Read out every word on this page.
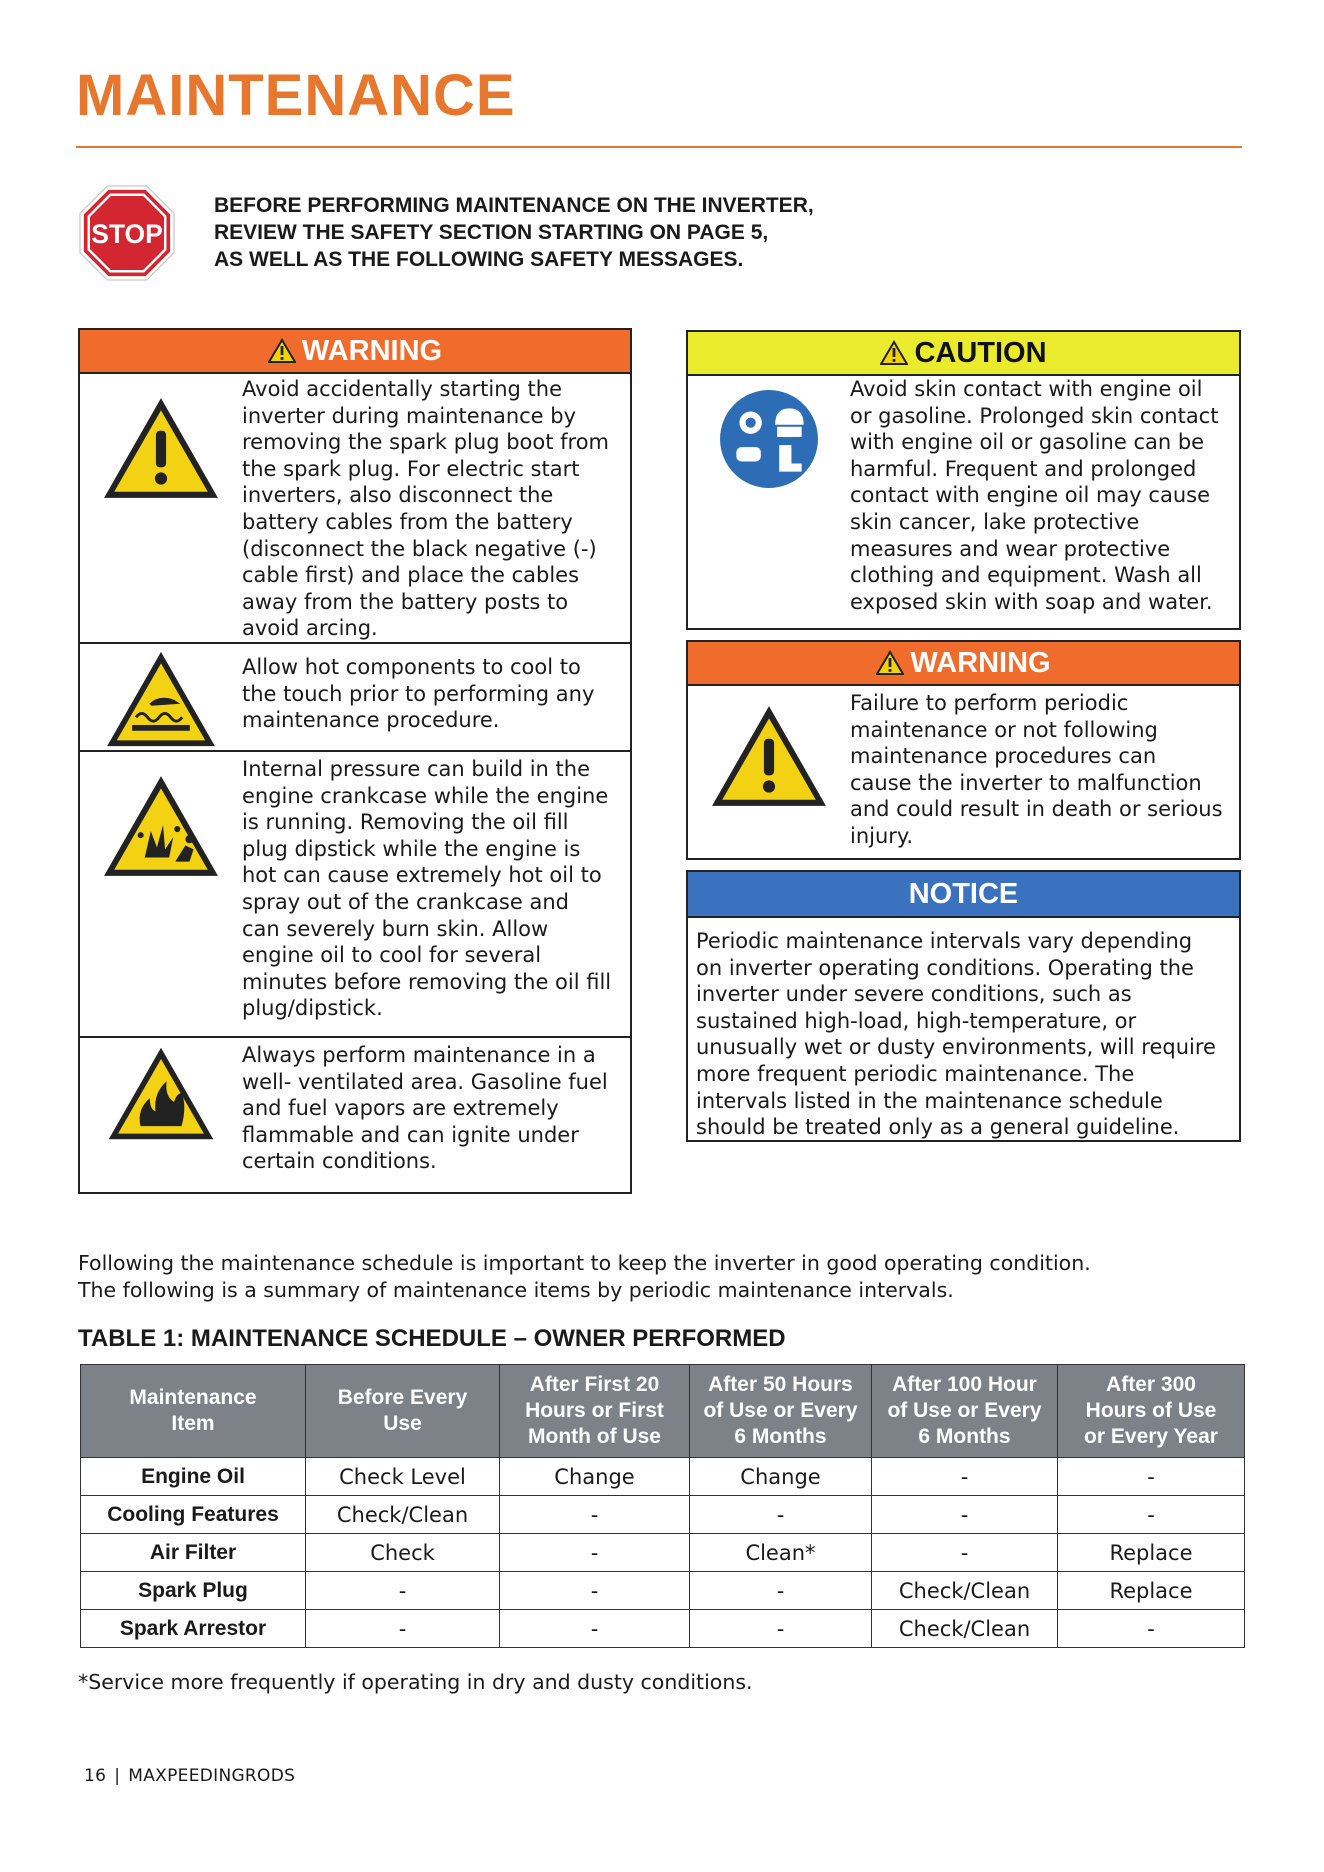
MAINTENANCE
STOP
BEFORE PERFORMING MAINTENANCE ON THE INVERTER,
REVIEW THE SAFETY SECTION STARTING ON PAGE 5,
AS WELL AS THE FOLLOWING SAFETY MESSAGES.
WARNING

Avoid accidentally starting the
inverter during maintenance by
removing the spark plug boot from
the spark plug. For electric start
inverters, also disconnect the
battery cables from the battery
(disconnect the black negative (-)
cable first) and place the cables
away from the battery posts to
avoid arcing.

Allow hot components to cool to
the touch prior to performing any
maintenance procedure.

Internal pressure can build in the
engine crankcase while the engine
is running. Removing the oil fill
plug dipstick while the engine is
hot can cause extremely hot oil to
spray out of the crankcase and
can severely burn skin. Allow
engine oil to cool for several
minutes before removing the oil fill
plug/dipstick.

Always perform maintenance in a
well- ventilated area. Gasoline fuel
and fuel vapors are extremely
flammable and can ignite under
certain conditions.

CAUTION

Avoid skin contact with engine oil
or gasoline. Prolonged skin contact
with engine oil or gasoline can be
harmful. Frequent and prolonged
contact with engine oil may cause
skin cancer, lake protective
measures and wear protective
clothing and equipment. Wash all
exposed skin with soap and water.

WARNING

Failure to perform periodic
maintenance or not following
maintenance procedures can
cause the inverter to malfunction
and could result in death or serious
injury.

NOTICE

Periodic maintenance intervals vary depending
on inverter operating conditions. Operating the
inverter under severe conditions, such as
sustained high-load, high-temperature, or
unusually wet or dusty environments, will require
more frequent periodic maintenance. The
intervals listed in the maintenance schedule
should be treated only as a general guideline.

Following the maintenance schedule is important to keep the inverter in good operating condition.
The following is a summary of maintenance items by periodic maintenance intervals.
TABLE 1: MAINTENANCE SCHEDULE – OWNER PERFORMED
Maintenance
Item	Before Every
Use	After First 20
Hours or First
Month of Use	After 50 Hours
of Use or Every
6 Months	After 100 Hour
of Use or Every
6 Months	After 300
Hours of Use
or Every Year
Engine Oil	Check Level	Change	Change	-	-
Cooling Features	Check/Clean	-	-	-	-
Air Filter	Check	-	Clean*	-	Replace
Spark Plug	-	-	-	Check/Clean	Replace
Spark Arrestor	-	-	-	Check/Clean	-
*Service more frequently if operating in dry and dusty conditions.
16 | MAXPEEDINGRODS
